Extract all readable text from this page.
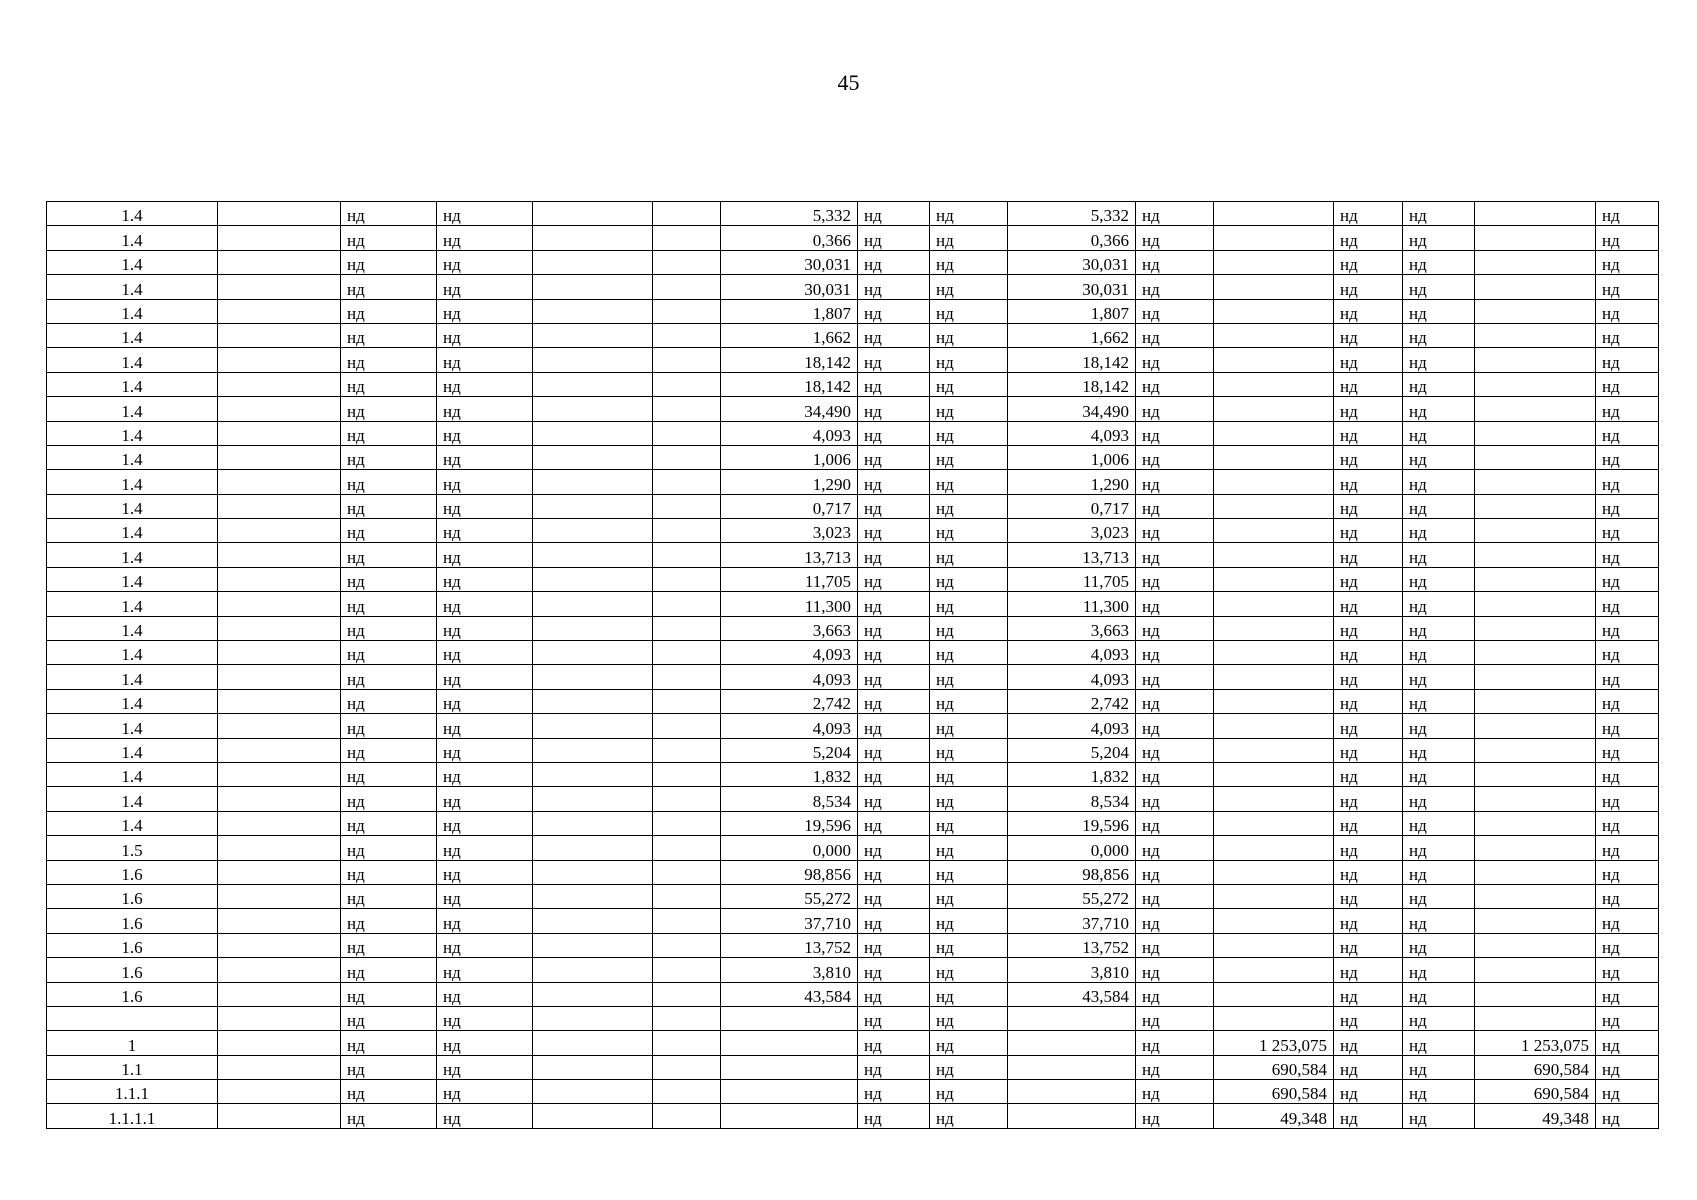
45
1.4		нд	нд			5,332	нд	нд	5,332	нд		нд	нд		нд
1.4		нд	нд			0,366	нд	нд	0,366	нд		нд	нд		нд
1.4		нд	нд			30,031	нд	нд	30,031	нд		нд	нд		нд
1.4		нд	нд			30,031	нд	нд	30,031	нд		нд	нд		нд
1.4		нд	нд			1,807	нд	нд	1,807	нд		нд	нд		нд
1.4		нд	нд			1,662	нд	нд	1,662	нд		нд	нд		нд
1.4		нд	нд			18,142	нд	нд	18,142	нд		нд	нд		нд
1.4		нд	нд			18,142	нд	нд	18,142	нд		нд	нд		нд
1.4		нд	нд			34,490	нд	нд	34,490	нд		нд	нд		нд
1.4		нд	нд			4,093	нд	нд	4,093	нд		нд	нд		нд
1.4		нд	нд			1,006	нд	нд	1,006	нд		нд	нд		нд
1.4		нд	нд			1,290	нд	нд	1,290	нд		нд	нд		нд
1.4		нд	нд			0,717	нд	нд	0,717	нд		нд	нд		нд
1.4		нд	нд			3,023	нд	нд	3,023	нд		нд	нд		нд
1.4		нд	нд			13,713	нд	нд	13,713	нд		нд	нд		нд
1.4		нд	нд			11,705	нд	нд	11,705	нд		нд	нд		нд
1.4		нд	нд			11,300	нд	нд	11,300	нд		нд	нд		нд
1.4		нд	нд			3,663	нд	нд	3,663	нд		нд	нд		нд
1.4		нд	нд			4,093	нд	нд	4,093	нд		нд	нд		нд
1.4		нд	нд			4,093	нд	нд	4,093	нд		нд	нд		нд
1.4		нд	нд			2,742	нд	нд	2,742	нд		нд	нд		нд
1.4		нд	нд			4,093	нд	нд	4,093	нд		нд	нд		нд
1.4		нд	нд			5,204	нд	нд	5,204	нд		нд	нд		нд
1.4		нд	нд			1,832	нд	нд	1,832	нд		нд	нд		нд
1.4		нд	нд			8,534	нд	нд	8,534	нд		нд	нд		нд
1.4		нд	нд			19,596	нд	нд	19,596	нд		нд	нд		нд
1.5		нд	нд			0,000	нд	нд	0,000	нд		нд	нд		нд
1.6		нд	нд			98,856	нд	нд	98,856	нд		нд	нд		нд
1.6		нд	нд			55,272	нд	нд	55,272	нд		нд	нд		нд
1.6		нд	нд			37,710	нд	нд	37,710	нд		нд	нд		нд
1.6		нд	нд			13,752	нд	нд	13,752	нд		нд	нд		нд
1.6		нд	нд			3,810	нд	нд	3,810	нд		нд	нд		нд
1.6		нд	нд			43,584	нд	нд	43,584	нд		нд	нд		нд
		нд	нд				нд	нд		нд		нд	нд		нд
1		нд	нд				нд	нд		нд	1 253,075	нд	нд	1 253,075	нд
1.1		нд	нд				нд	нд		нд	690,584	нд	нд	690,584	нд
1.1.1		нд	нд				нд	нд		нд	690,584	нд	нд	690,584	нд
1.1.1.1		нд	нд				нд	нд		нд	49,348	нд	нд	49,348	нд
